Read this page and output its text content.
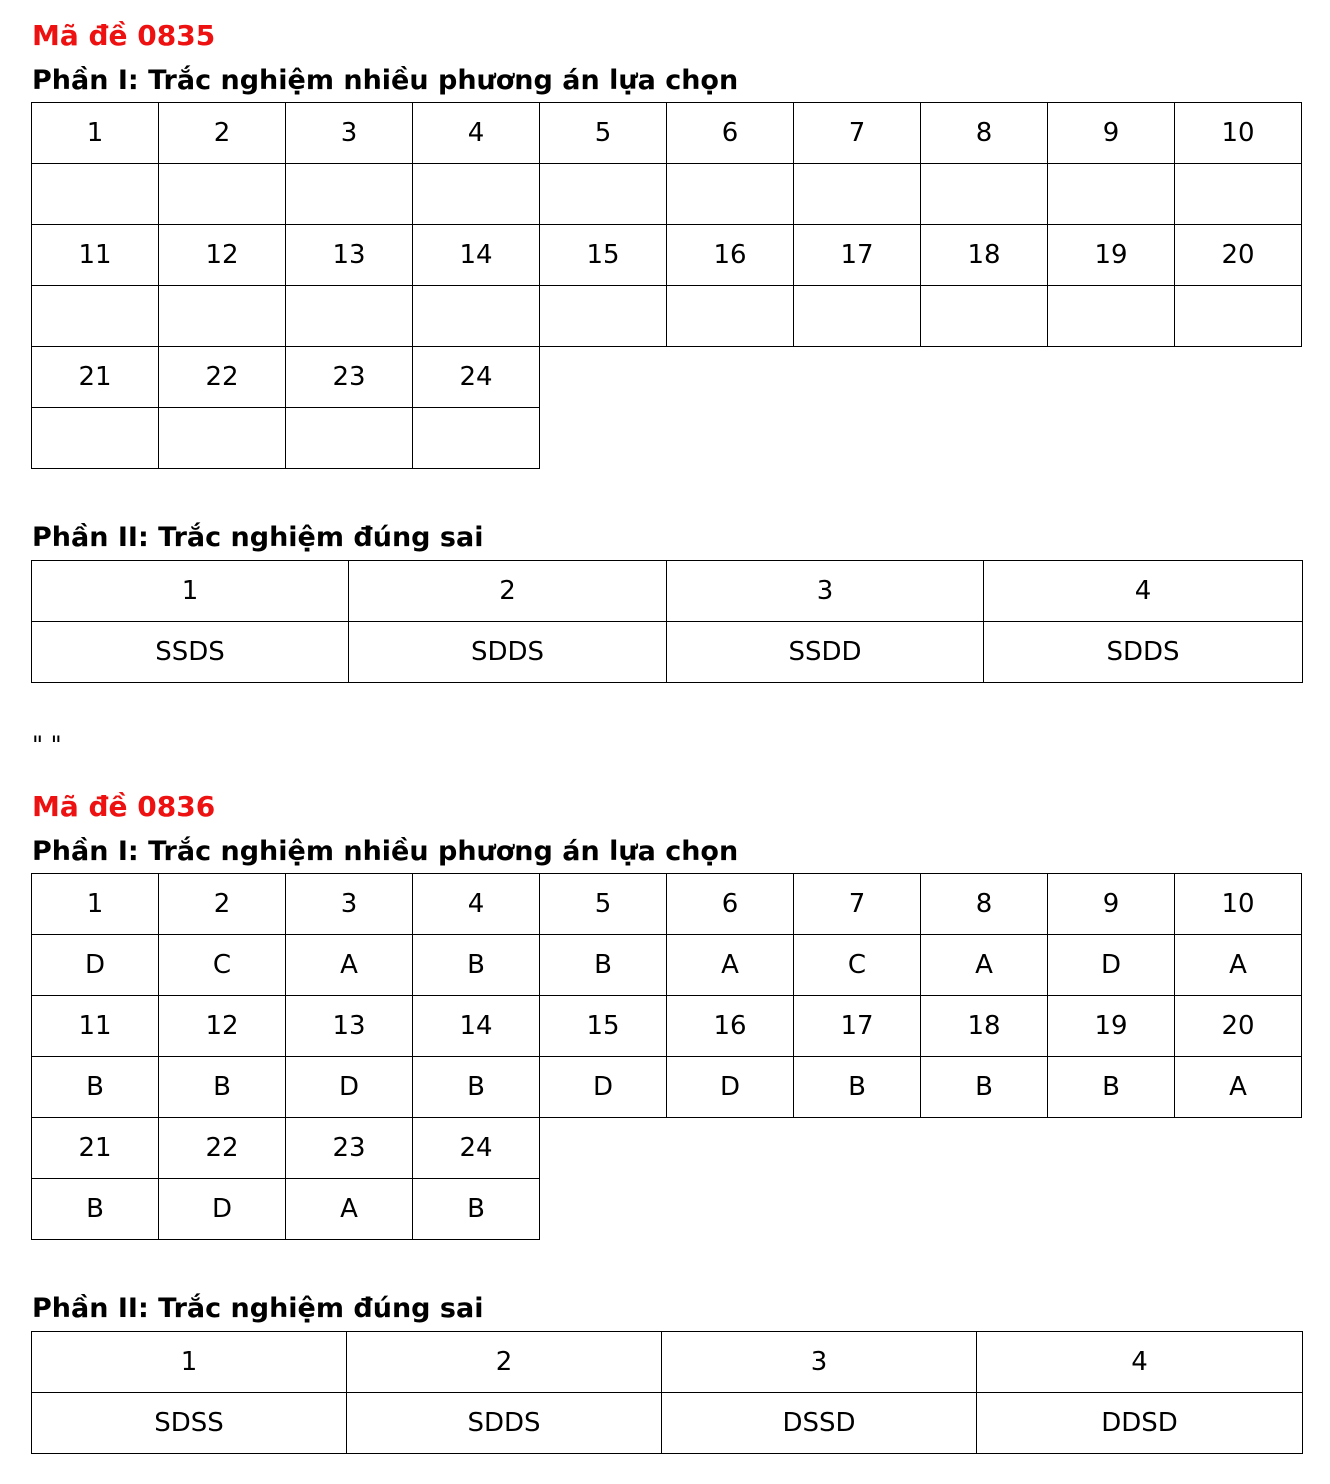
Mã đề 0835
Phần I: Trắc nghiệm nhiều phương án lựa chọn
1	2	3	4	5	6	7	8	9	10

11	12	13	14	15	16	17	18	19	20

21	22	23	24						

Phần II: Trắc nghiệm đúng sai
1	2	3	4
SSDS	SDDS	SSDD	SDDS

" "

Mã đề 0836
Phần I: Trắc nghiệm nhiều phương án lựa chọn
1	2	3	4	5	6	7	8	9	10
D	C	A	B	B	A	C	A	D	A
11	12	13	14	15	16	17	18	19	20
B	B	D	B	D	D	B	B	B	A
21	22	23	24						
B	D	A	B						
Phần II: Trắc nghiệm đúng sai
1	2	3	4
SDSS	SDDS	DSSD	DDSD
